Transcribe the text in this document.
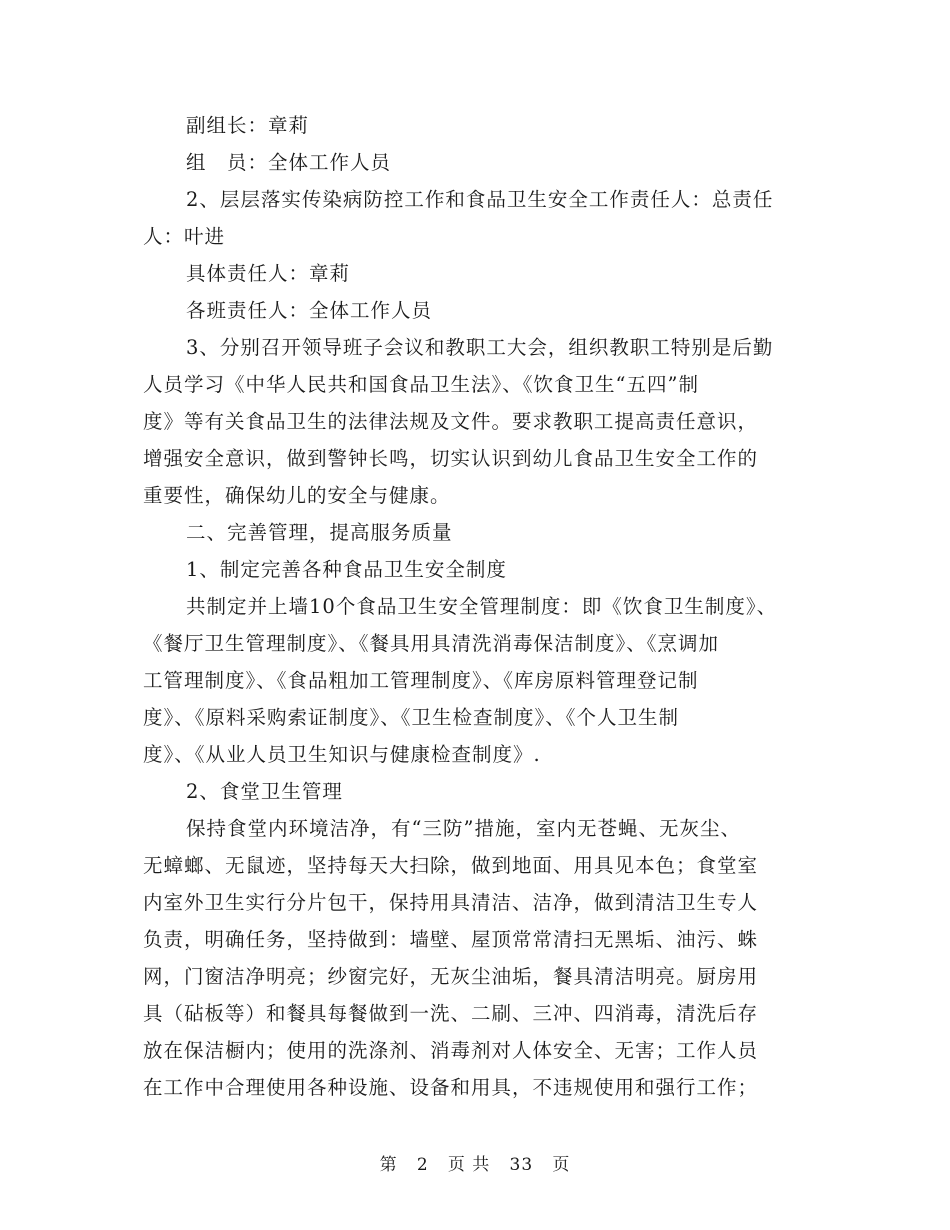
副组长：章莉
组　员：全体工作人员
2、层层落实传染病防控工作和食品卫生安全工作责任人：总责任
人：叶进
具体责任人：章莉
各班责任人：全体工作人员
3、分别召开领导班子会议和教职工大会，组织教职工特别是后勤
人员学习《中华人民共和国食品卫生法》、《饮食卫生“五四”制
度》等有关食品卫生的法律法规及文件。要求教职工提高责任意识，
增强安全意识，做到警钟长鸣，切实认识到幼儿食品卫生安全工作的
重要性，确保幼儿的安全与健康。
二、完善管理，提高服务质量
1、制定完善各种食品卫生安全制度
共制定并上墙10个食品卫生安全管理制度：即《饮食卫生制度》、
《餐厅卫生管理制度》、《餐具用具清洗消毒保洁制度》、《烹调加
工管理制度》、《食品粗加工管理制度》、《库房原料管理登记制
度》、《原料采购索证制度》、《卫生检查制度》、《个人卫生制
度》、《从业人员卫生知识与健康检查制度》.
2、食堂卫生管理
保持食堂内环境洁净，有“三防”措施，室内无苍蝇、无灰尘、
无蟑螂、无鼠迹，坚持每天大扫除，做到地面、用具见本色；食堂室
内室外卫生实行分片包干，保持用具清洁、洁净，做到清洁卫生专人
负责，明确任务，坚持做到：墙壁、屋顶常常清扫无黑垢、油污、蛛
网，门窗洁净明亮；纱窗完好，无灰尘油垢，餐具清洁明亮。厨房用
具（砧板等）和餐具每餐做到一洗、二刷、三冲、四消毒，清洗后存
放在保洁橱内；使用的洗涤剂、消毒剂对人体安全、无害；工作人员
在工作中合理使用各种设施、设备和用具，不违规使用和强行工作；
第 2 页 共 33 页
